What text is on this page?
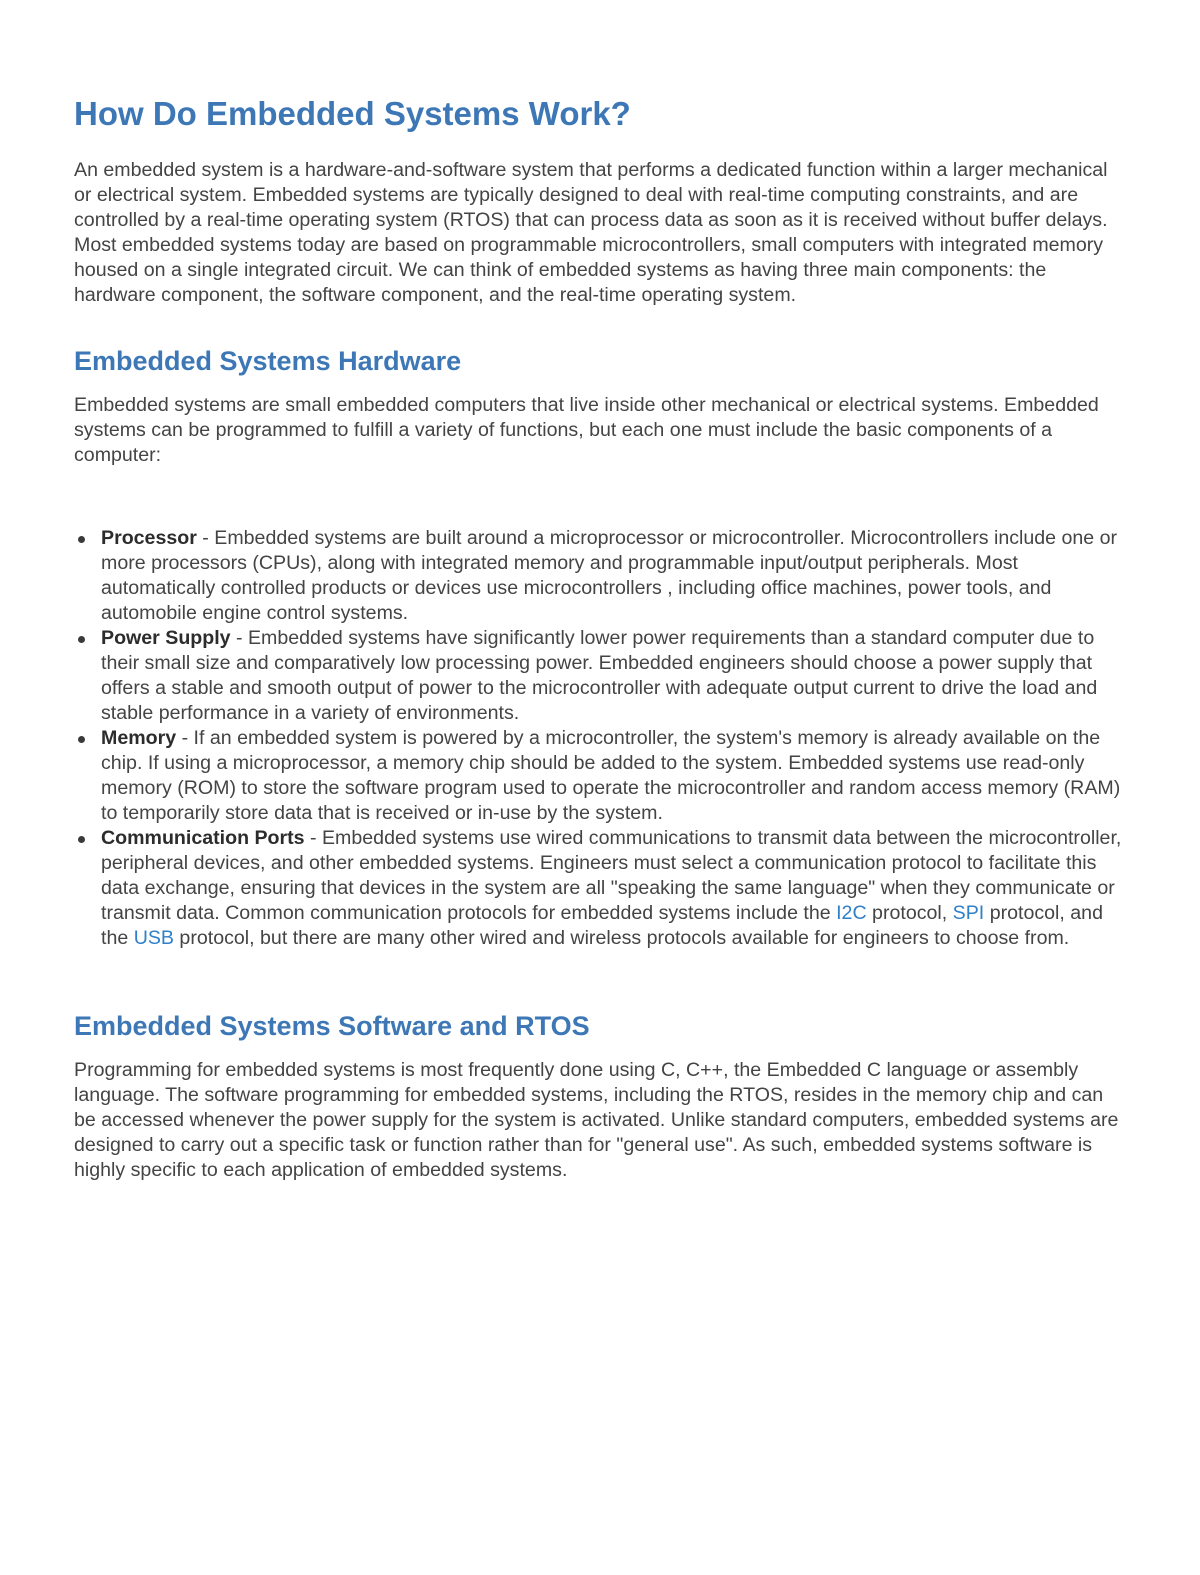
How Do Embedded Systems Work?

An embedded system is a hardware-and-software system that performs a dedicated function within a larger mechanical or electrical system. Embedded systems are typically designed to deal with real-time computing constraints, and are controlled by a real-time operating system (RTOS) that can process data as soon as it is received without buffer delays. Most embedded systems today are based on programmable microcontrollers, small computers with integrated memory housed on a single integrated circuit. We can think of embedded systems as having three main components: the hardware component, the software component, and the real-time operating system.

Embedded Systems Hardware

Embedded systems are small embedded computers that live inside other mechanical or electrical systems. Embedded systems can be programmed to fulfill a variety of functions, but each one must include the basic components of a computer:

Processor - Embedded systems are built around a microprocessor or microcontroller. Microcontrollers include one or more processors (CPUs), along with integrated memory and programmable input/output peripherals. Most automatically controlled products or devices use microcontrollers , including office machines, power tools, and automobile engine control systems.
Power Supply - Embedded systems have significantly lower power requirements than a standard computer due to their small size and comparatively low processing power. Embedded engineers should choose a power supply that offers a stable and smooth output of power to the microcontroller with adequate output current to drive the load and stable performance in a variety of environments.
Memory - If an embedded system is powered by a microcontroller, the system's memory is already available on the chip. If using a microprocessor, a memory chip should be added to the system. Embedded systems use read-only memory (ROM) to store the software program used to operate the microcontroller and random access memory (RAM) to temporarily store data that is received or in-use by the system.
Communication Ports - Embedded systems use wired communications to transmit data between the microcontroller, peripheral devices, and other embedded systems. Engineers must select a communication protocol to facilitate this data exchange, ensuring that devices in the system are all "speaking the same language" when they communicate or transmit data. Common communication protocols for embedded systems include the I2C protocol, SPI protocol, and the USB protocol, but there are many other wired and wireless protocols available for engineers to choose from.
Embedded Systems Software and RTOS

Programming for embedded systems is most frequently done using C, C++, the Embedded C language or assembly language. The software programming for embedded systems, including the RTOS, resides in the memory chip and can be accessed whenever the power supply for the system is activated. Unlike standard computers, embedded systems are designed to carry out a specific task or function rather than for "general use". As such, embedded systems software is highly specific to each application of embedded systems.
